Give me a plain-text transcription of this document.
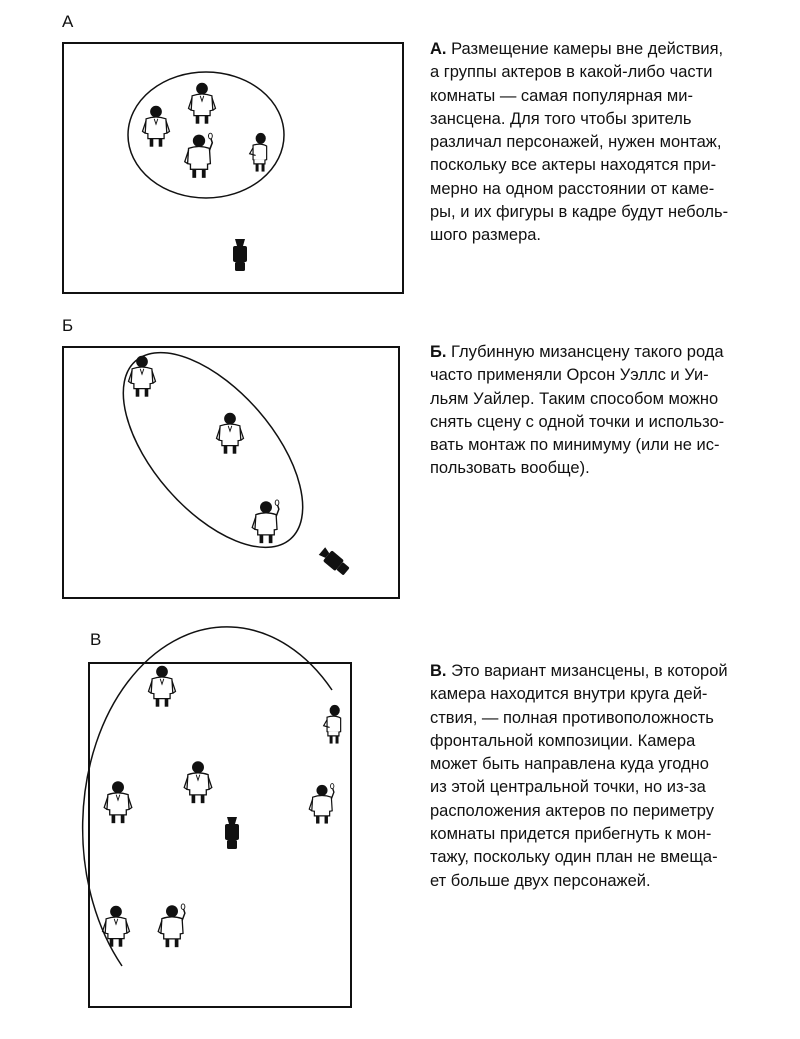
А
А. Размещение камеры вне действия,
а группы актеров в какой-либо части
комнаты — самая популярная ми-
зансцена. Для того чтобы зритель
различал персонажей, нужен монтаж,
поскольку все актеры находятся при-
мерно на одном расстоянии от каме-
ры, и их фигуры в кадре будут неболь-
шого размера.
Б
Б. Глубинную мизансцену такого рода
часто применяли Орсон Уэллс и Уи-
льям Уайлер. Таким способом можно
снять сцену с одной точки и использо-
вать монтаж по минимуму (или не ис-
пользовать вообще).
В
В. Это вариант мизансцены, в которой
камера находится внутри круга дей-
ствия, — полная противоположность
фронтальной композиции. Камера
может быть направлена куда угодно
из этой центральной точки, но из-за
расположения актеров по периметру
комнаты придется прибегнуть к мон-
тажу, поскольку один план не вмеща-
ет больше двух персонажей.
